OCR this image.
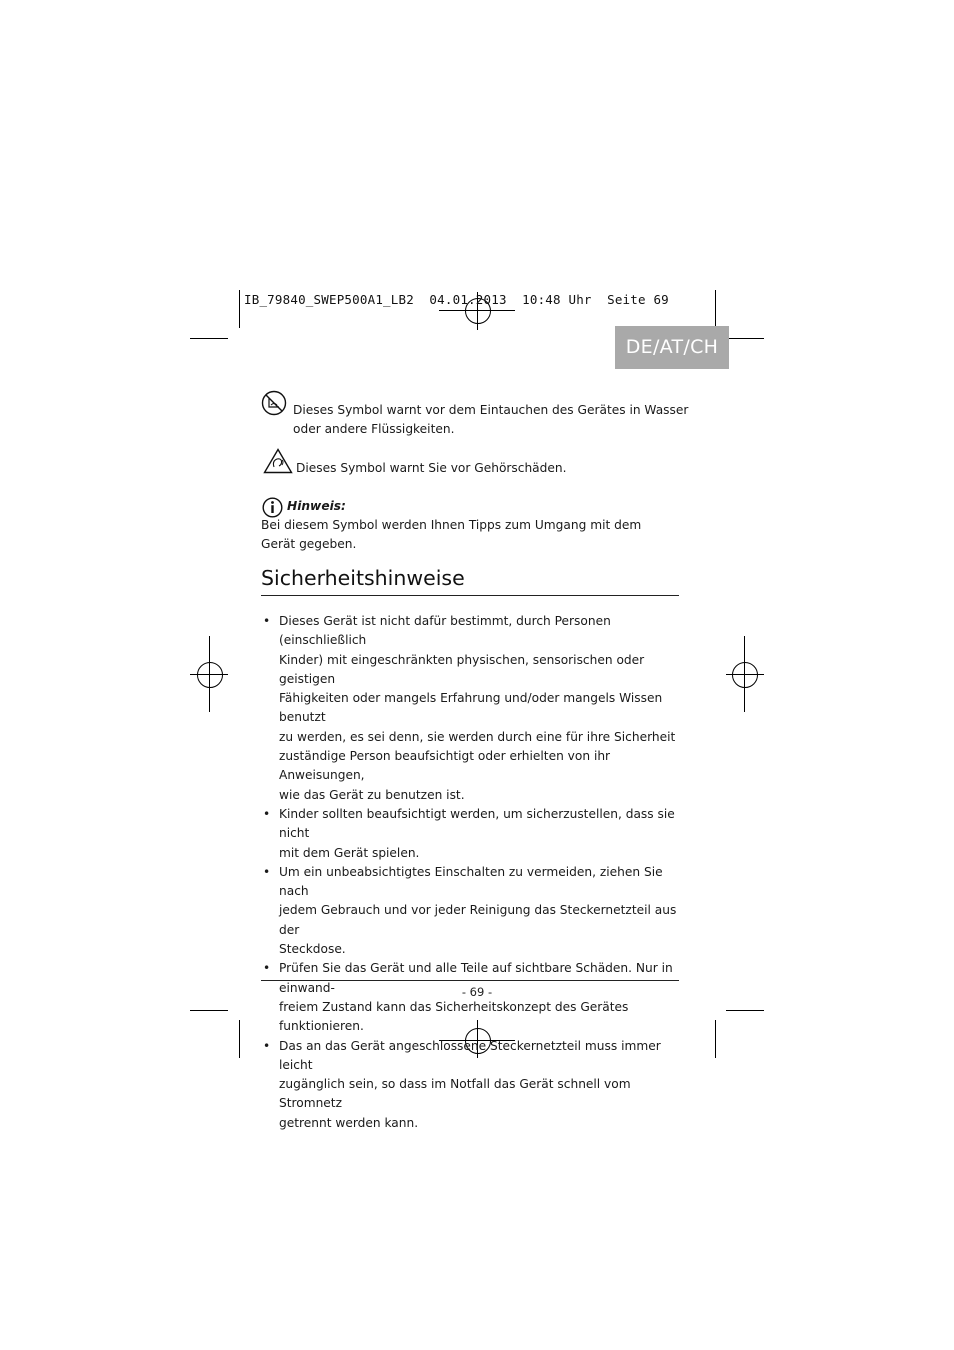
IB_79840_SWEP500A1_LB2  04.01.2013  10:48 Uhr  Seite 69
DE/AT/CH
Dieses Symbol warnt vor dem Eintauchen des Gerätes in Wasser
oder andere Flüssigkeiten.
Dieses Symbol warnt Sie vor Gehörschäden.
Hinweis:
Bei diesem Symbol werden Ihnen Tipps zum Umgang mit dem
Gerät gegeben.
Sicherheitshinweise
• Dieses Gerät ist nicht dafür bestimmt, durch Personen (einschließlich
Kinder) mit eingeschränkten physischen, sensorischen oder geistigen
Fähigkeiten oder mangels Erfahrung und/oder mangels Wissen benutzt
zu werden, es sei denn, sie werden durch eine für ihre Sicherheit
zuständige Person beaufsichtigt oder erhielten von ihr Anweisungen,
wie das Gerät zu benutzen ist.
• Kinder sollten beaufsichtigt werden, um sicherzustellen, dass sie nicht
mit dem Gerät spielen.
• Um ein unbeabsichtigtes Einschalten zu vermeiden, ziehen Sie nach
jedem Gebrauch und vor jeder Reinigung das Steckernetzteil aus der
Steckdose.
• Prüfen Sie das Gerät und alle Teile auf sichtbare Schäden. Nur in einwand-
freiem Zustand kann das Sicherheitskonzept des Gerätes funktionieren.
• Das an das Gerät angeschlossene Steckernetzteil muss immer leicht
zugänglich sein, so dass im Notfall das Gerät schnell vom Stromnetz
getrennt werden kann.
- 69 -
